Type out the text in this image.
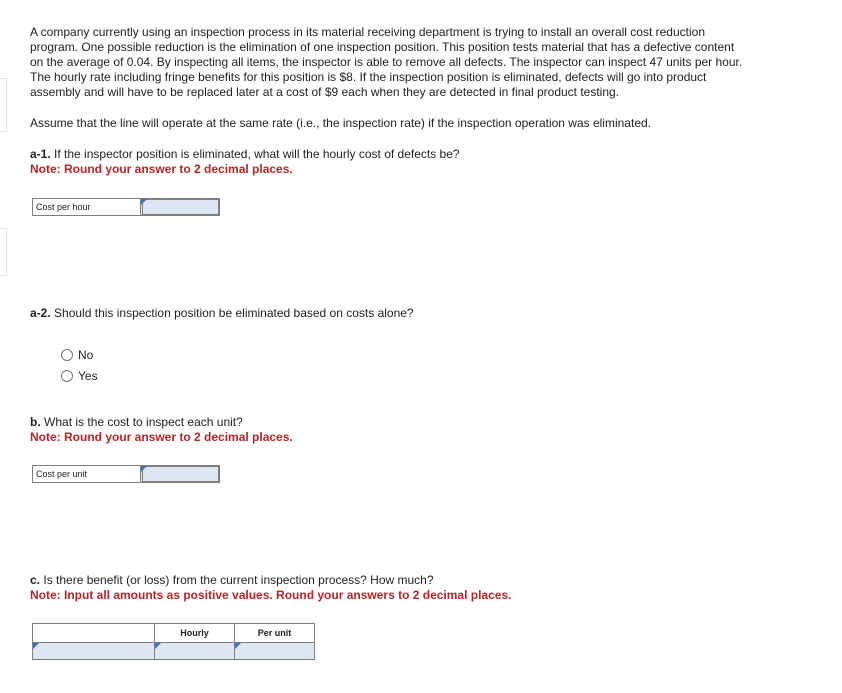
A company currently using an inspection process in its material receiving department is trying to install an overall cost reduction
program. One possible reduction is the elimination of one inspection position. This position tests material that has a defective content
on the average of 0.04. By inspecting all items, the inspector is able to remove all defects. The inspector can inspect 47 units per hour.
The hourly rate including fringe benefits for this position is $8. If the inspection position is eliminated, defects will go into product
assembly and will have to be replaced later at a cost of $9 each when they are detected in final product testing.
Assume that the line will operate at the same rate (i.e., the inspection rate) if the inspection operation was eliminated.
a-1. If the inspector position is eliminated, what will the hourly cost of defects be?
Note: Round your answer to 2 decimal places.
Cost per hour
a-2. Should this inspection position be eliminated based on costs alone?
No
Yes
b. What is the cost to inspect each unit?
Note: Round your answer to 2 decimal places.
Cost per unit
c. Is there benefit (or loss) from the current inspection process? How much?
Note: Input all amounts as positive values. Round your answers to 2 decimal places.
	Hourly	Per unit
